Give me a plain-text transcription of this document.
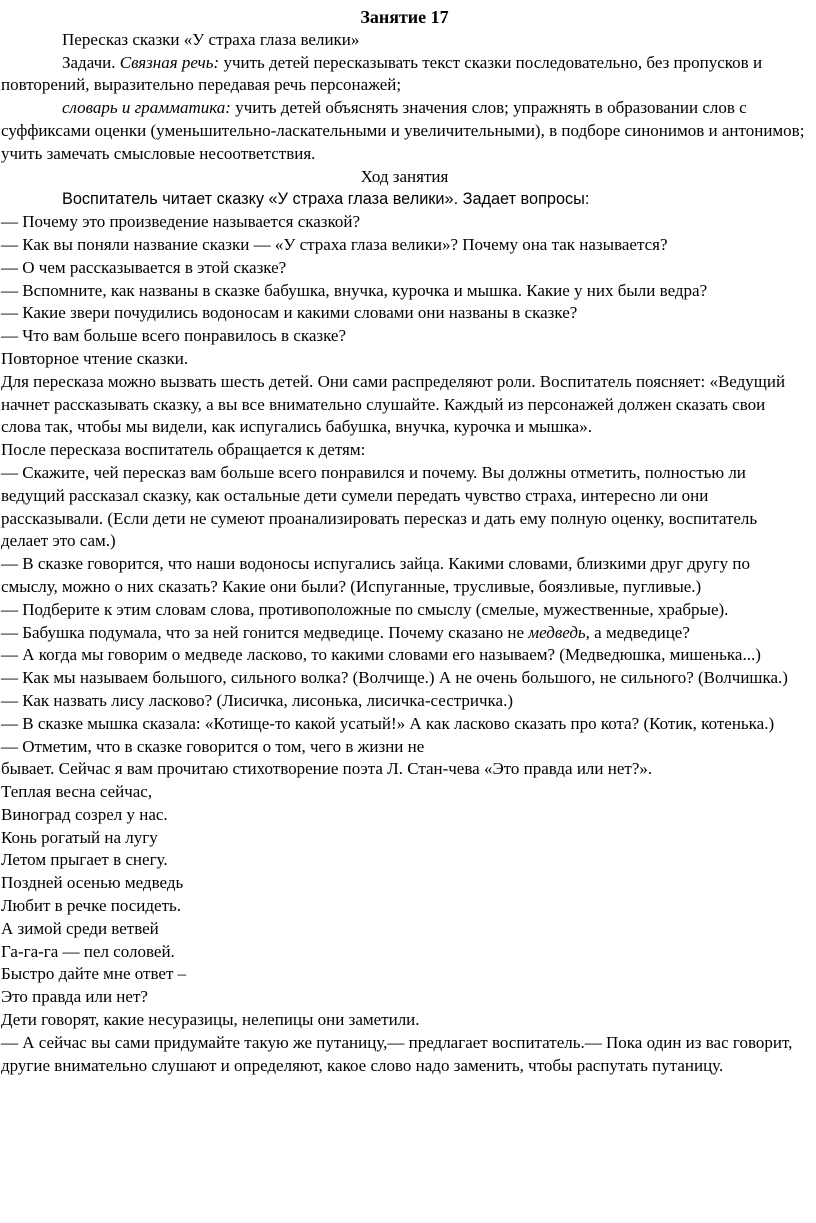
Занятие 17

Пересказ сказки «У страха глаза велики»

Задачи. Связная речь: учить детей пересказывать текст сказки последовательно, без пропусков и повторений, выразительно передавая речь персонажей;

словарь и грамматика: учить детей объяснять значения слов; упражнять в образовании слов с суффиксами оценки (уменьшительно-ласкательными и увеличительными), в подборе синонимов и антонимов; учить замечать смысловые несоответствия.

Ход занятия

Воспитатель читает сказку «У страха глаза велики». Задает вопросы:

— Почему это произведение называется сказкой?

— Как вы поняли название сказки — «У страха глаза велики»? Почему она так называется?

— О чем рассказывается в этой сказке?

— Вспомните, как названы в сказке бабушка, внучка, курочка и мышка. Какие у них были ведра?

— Какие звери почудились водоносам и какими словами они названы в сказке?

— Что вам больше всего понравилось в сказке?

Повторное чтение сказки.

Для пересказа можно вызвать шесть детей. Они сами распределяют роли. Воспитатель поясняет: «Ведущий начнет рассказывать сказку, а вы все внимательно слушайте. Каждый из персонажей должен сказать свои слова так, чтобы мы видели, как испугались бабушка, внучка, курочка и мышка».

После пересказа воспитатель обращается к детям:

— Скажите, чей пересказ вам больше всего понравился и почему. Вы должны отметить, полностью ли ведущий рассказал сказку, как остальные дети сумели передать чувство страха, интересно ли они рассказывали. (Если дети не сумеют проанализировать пересказ и дать ему полную оценку, воспитатель делает это сам.)

— В сказке говорится, что наши водоносы испугались зайца. Какими словами, близкими друг другу по смыслу, можно о них сказать? Какие они были? (Испуганные, трусливые, боязливые, пугливые.)

— Подберите к этим словам слова, противоположные по смыслу (смелые, мужественные, храбрые).

— Бабушка подумала, что за ней гонится медведице. Почему сказано не медведь, а медведице?

— А когда мы говорим о медведе ласково, то какими словами его называем? (Медведюшка, мишенька...)

— Как мы называем большого, сильного волка? (Волчище.) А не очень большого, не сильного? (Волчишка.)

— Как назвать лису ласково? (Лисичка, лисонька, лисичка-сестричка.)

— В сказке мышка сказала: «Котище-то какой усатый!» А как ласково сказать про кота? (Котик, котенька.)

— Отметим, что в сказке говорится о том, чего в жизни не

бывает. Сейчас я вам прочитаю стихотворение поэта Л. Стан-чева «Это правда или нет?».

Теплая весна сейчас,

Виноград созрел у нас.

Конь рогатый на лугу

Летом прыгает в снегу.

Поздней осенью медведь

Любит в речке посидеть.

А зимой среди ветвей

Га-га-га — пел соловей.

Быстро дайте мне ответ –

Это правда или нет?

Дети говорят, какие несуразицы, нелепицы они заметили.

— А сейчас вы сами придумайте такую же путаницу,— предлагает воспитатель.— Пока один из вас говорит, другие внимательно слушают и определяют, какое слово надо заменить, чтобы распутать путаницу.
